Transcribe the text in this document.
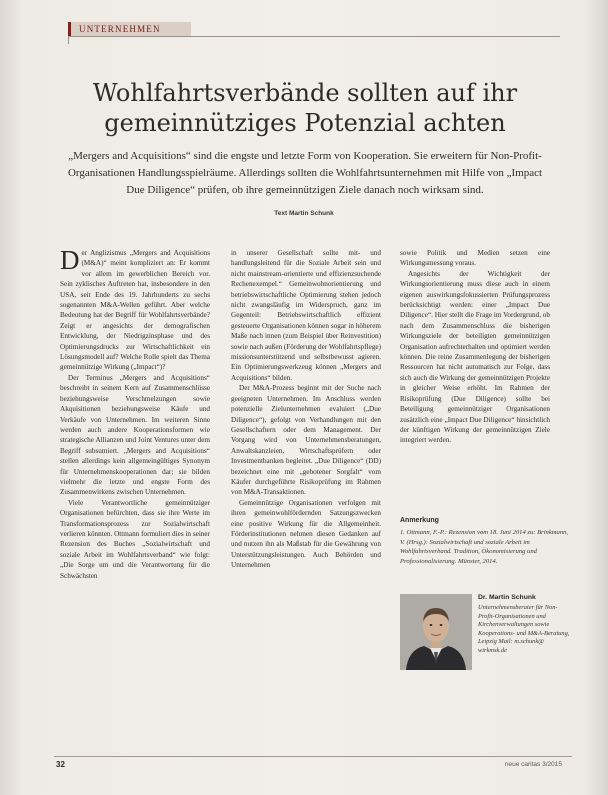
UNTERNEHMEN
Wohlfahrtsverbände sollten auf ihr
gemeinnütziges Potenzial achten

„Mergers and Acquisitions“ sind die engste und letzte Form von Kooperation. Sie erweitern für Non-Profit-Organisationen Handlungsspielräume. Allerdings sollten die Wohlfahrtsunternehmen mit Hilfe von „Impact Due Diligence“ prüfen, ob ihre gemeinnützigen Ziele danach noch wirksam sind.

Text Martin Schunk

Der Anglizismus „Mergers and Acquisitions (M&A)“ meint kompliziert an: Er kommt vor allem im gewerblichen Bereich vor. Sein zyklisches Auftreten hat, insbesondere in den USA, seit Ende des 19. Jahrhunderts zu sechs sogenannten M&A-Wellen geführt. Aber welche Bedeutung hat der Begriff für Wohlfahrtsverbände? Zeigt er angesichts der demografischen Entwicklung, der Niedrigzinsphase und des Optimierungsdrucks zur Wirtschaftlichkeit ein Lösungsmodell auf? Welche Rolle spielt das Thema gemeinnützige Wirkung („Impact“)?

Der Terminus „Mergers and Acquisitions“ beschreibt in seinem Kern auf Zusammenschlüsse beziehungsweise Verschmelzungen sowie Akquisitionen beziehungsweise Käufe und Verkäufe von Unternehmen. Im weiteren Sinne werden auch andere Kooperationsformen wie strategische Allianzen und Joint Ventures unter dem Begriff subsumiert. „Mergers and Acquisitions“ stellen allerdings kein allgemeingültiges Synonym für Unternehmenskooperationen dar; sie bilden vielmehr die letzte und engste Form des Zusammenwirkens zwischen Unternehmen.

Viele Verantwortliche gemeinnütziger Organisationen befürchten, dass sie ihre Werte im Transformationsprozess zur Sozialwirtschaft verlieren könnten. Ottmann formuliert dies in seiner Rezension des Buches „Sozialwirtschaft und soziale Arbeit im Wohlfahrtsverband“ wie folgt: „Die Sorge um und die Verantwortung für die Schwächsten

in unserer Gesellschaft sollte mit- und handlungsleitend für die Soziale Arbeit sein und nicht mainstream-orientierte und effizienzsuchende Rechenexempel.“ Gemeinwohnorientierung und betriebswirtschaftliche Optimierung stehen jedoch nicht zwangsläufig im Widerspruch, ganz im Gegenteil: Betriebswirtschaftlich effizient gesteuerte Organisationen können sogar in höherem Maße nach innen (zum Beispiel über Reinvestition) sowie nach außen (Förderung der Wohlfahrtspflege) missionsunterstützend und selbstbewusst agieren. Ein Optimierungswerkzeug können „Mergers and Acquisitions“ bilden.

Der M&A-Prozess beginnt mit der Suche nach geeigneten Unternehmen. Im Anschluss werden potenzielle Zielunternehmen evaluiert („Due Diligence“), gefolgt von Verhandlungen mit den Gesellschaftern oder dem Management. Der Vorgang wird von Unternehmensberatungen, Anwaltskanzleien, Wirtschaftsprüfern oder Investmentbanken begleitet. „Due Diligence“ (DD) bezeichnet eine mit „gebotener Sorgfalt“ vom Käufer durchgeführte Risikoprüfung im Rahmen von M&A-Transaktionen.

Gemeinnützige Organisationen verfolgen mit ihren gemeinwohlfördernden Satzungszwecken eine positive Wirkung für die Allgemeinheit. Förderinstitutionen nehmen diesen Gedanken auf und nutzen ihn als Maßstab für die Gewährung von Unterstützungsleistungen. Auch Behörden und Unternehmen

sowie Politik und Medien setzen eine Wirkungsmessung voraus.

Angesichts der Wichtigkeit der Wirkungsorientierung muss diese auch in einem eigenen auswirkungsfokussierten Prüfungsprozess berücksichtigt werden: einer „Impact Due Diligence“. Hier stellt die Frage im Vordergrund, ob nach dem Zusammenschluss die bisherigen Wirkungsziele der beteiligten gemeinnützigen Organisation aufrechterhalten und optimiert werden können. Die reine Zusammenlegung der bisherigen Ressourcen hat nicht automatisch zur Folge, dass sich auch die Wirkung der gemeinnützigen Projekte in gleicher Weise erhöht. Im Rahmen der Risikoprüfung (Due Diligence) sollte bei Beteiligung gemeinnütziger Organisationen zusätzlich eine „Impact Due Diligence“ hinsichtlich der künftigen Wirkung der gemeinnützigen Ziele integriert werden.

Anmerkung

1. Ottmann, F.-P.: Rezension vom 18. Juni 2014 zu: Brinkmann, V. (Hrsg.): Sozialwirtschaft und soziale Arbeit im Wohlfahrtsverband. Tradition, Ökonomisierung und Professionalisierung. Münster, 2014.

Dr. Martin Schunk

Unternehmensberater für Non-Profit-Organisationen und Kirchenverwaltungen sowie Kooperations- und M&A-Beratung, Leipzig Mail: m.schunk@ wirkmsk.de

32	neue caritas 3/2015
